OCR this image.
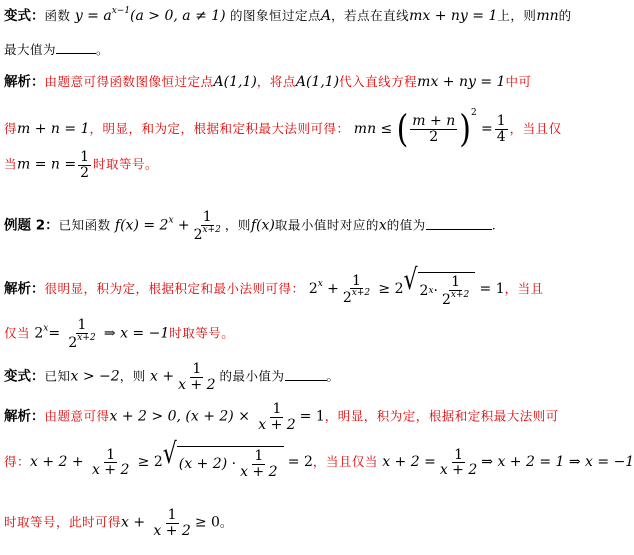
变式：函数 $y = a^{x-1}(a > 0$, a ≠ 1) 的图象恒过定点A，若点在直线mx + ny = 1上，则mn的
最大值为	。
解析：由题意可得函数图像恒过定点A(1,1)，将点A(1,1)代入直线方程mx + ny = 1中可
得m + n = 1，明显，和为定，根据和定积最大法则可得： mn ≤ ( $\frac{m + n}{2} )^2 = \frac{1}{4}$ ，当且仅
当$m = n = \frac{1}{2}$ 时取等号。
例题 2：已知函数 $f(x) = 2^x + \frac{1}{2^{x+2}}$ ，则f(x)取最小值时对应的x的值为	.
解析：很明显，积为定，根据积定和最小法则可得： $2^x + \frac{1}{2^{x+2}} \ge 2$ √ 2 $x \cdot \frac{1}{2^{x+2}} = 1$，当且
仅当 $2^x= \frac{1}{2^{x+2}}$ ⇒ x = −1时取等号。
变式：已知x > −2，则 $x + \frac{1}{x + 2}$ 的最小值为	。
解析：由题意可得x + 2 > 0, $(x + 2) \times \frac{1}{x + 2} = 1$，明显，积为定，根据和定积最大法则可
得：$x + 2 + \frac{1}{x + 2} \ge 2$ √ $(x + 2) \cdot \frac{1}{x + 2} = 2$，当且仅当 $x + 2 = \frac{1}{x + 2}$ ⇒ x + 2 = 1 ⇒ x = −1
时取等号，此时可得$x + \frac{1}{x + 2} \ge 0$。
